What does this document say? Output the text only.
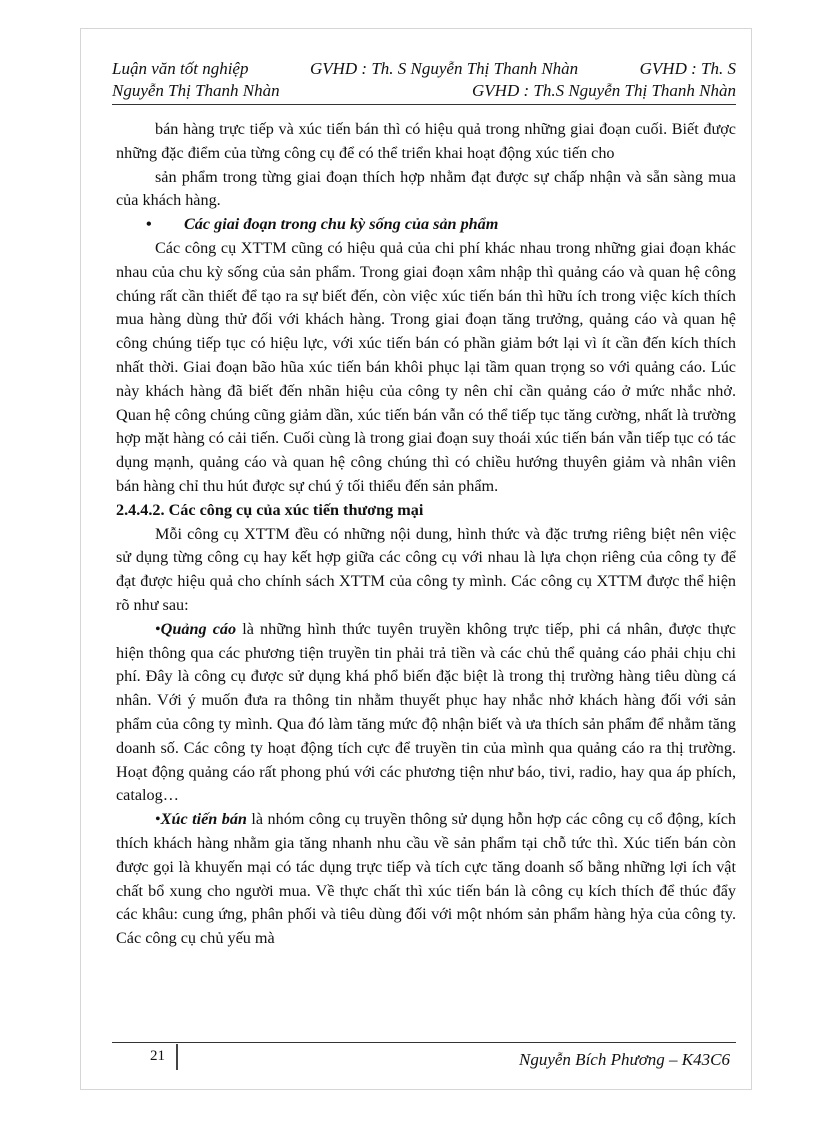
Luận văn tốt nghiệp	GVHD : Th. S Nguyễn Thị Thanh Nhàn	GVHD : Th. S
Nguyễn Thị Thanh Nhàn	GVHD : Th.S Nguyễn Thị Thanh Nhàn

bán hàng trực tiếp và xúc tiến bán thì có hiệu quả trong những giai đoạn cuối. Biết được những đặc điểm của từng công cụ để có thể triển khai hoạt động xúc tiến cho

sản phẩm trong từng giai đoạn thích hợp nhằm đạt được sự chấp nhận và sẵn sàng mua của khách hàng.

• Các giai đoạn trong chu kỳ sống của sản phẩm

Các công cụ XTTM cũng có hiệu quả của chi phí khác nhau trong những giai đoạn khác nhau của chu kỳ sống của sản phẩm. Trong giai đoạn xâm nhập thì quảng cáo và quan hệ công chúng rất cần thiết để tạo ra sự biết đến, còn việc xúc tiến bán thì hữu ích trong việc kích thích mua hàng dùng thử đối với khách hàng. Trong giai đoạn tăng trưởng, quảng cáo và quan hệ công chúng tiếp tục có hiệu lực, với xúc tiến bán có phần giảm bớt lại vì ít cần đến kích thích nhất thời. Giai đoạn bão hũa xúc tiến bán khôi phục lại tầm quan trọng so với quảng cáo. Lúc này khách hàng đã biết đến nhãn hiệu của công ty nên chỉ cần quảng cáo ở mức nhắc nhở. Quan hệ công chúng cũng giảm dần, xúc tiến bán vẫn có thể tiếp tục tăng cường, nhất là trường hợp mặt hàng có cải tiến. Cuối cùng là trong giai đoạn suy thoái xúc tiến bán vẫn tiếp tục có tác dụng mạnh, quảng cáo và quan hệ công chúng thì có chiều hướng thuyên giảm và nhân viên bán hàng chỉ thu hút được sự chú ý tối thiểu đến sản phẩm.

2.4.4.2. Các công cụ của xúc tiến thương mại

Mỗi công cụ XTTM đều có những nội dung, hình thức và đặc trưng riêng biệt nên việc sử dụng từng công cụ hay kết hợp giữa các công cụ với nhau là lựa chọn riêng của công ty để đạt được hiệu quả cho chính sách XTTM của công ty mình. Các công cụ XTTM được thể hiện rõ như sau:

•Quảng cáo là những hình thức tuyên truyền không trực tiếp, phi cá nhân, được thực hiện thông qua các phương tiện truyền tin phải trả tiền và các chủ thể quảng cáo phải chịu chi phí. Đây là công cụ được sử dụng khá phổ biến đặc biệt là trong thị trường hàng tiêu dùng cá nhân. Với ý muốn đưa ra thông tin nhằm thuyết phục hay nhắc nhở khách hàng đối với sản phẩm của công ty mình. Qua đó làm tăng mức độ nhận biết và ưa thích sản phẩm để nhằm tăng doanh số. Các công ty hoạt động tích cực để truyền tin của mình qua quảng cáo ra thị trường. Hoạt động quảng cáo rất phong phú với các phương tiện như báo, tivi, radio, hay qua áp phích, catalog…

•Xúc tiến bán là nhóm công cụ truyền thông sử dụng hỗn hợp các công cụ cổ động, kích thích khách hàng nhằm gia tăng nhanh nhu cầu về sản phẩm tại chỗ tức thì. Xúc tiến bán còn được gọi là khuyến mại có tác dụng trực tiếp và tích cực tăng doanh số bằng những lợi ích vật chất bổ xung cho người mua. Về thực chất thì xúc tiến bán là công cụ kích thích để thúc đẩy các khâu: cung ứng, phân phối và tiêu dùng đối với một nhóm sản phẩm hàng hỷa của công ty. Các công cụ chủ yếu mà

21	Nguyễn Bích Phương – K43C6
